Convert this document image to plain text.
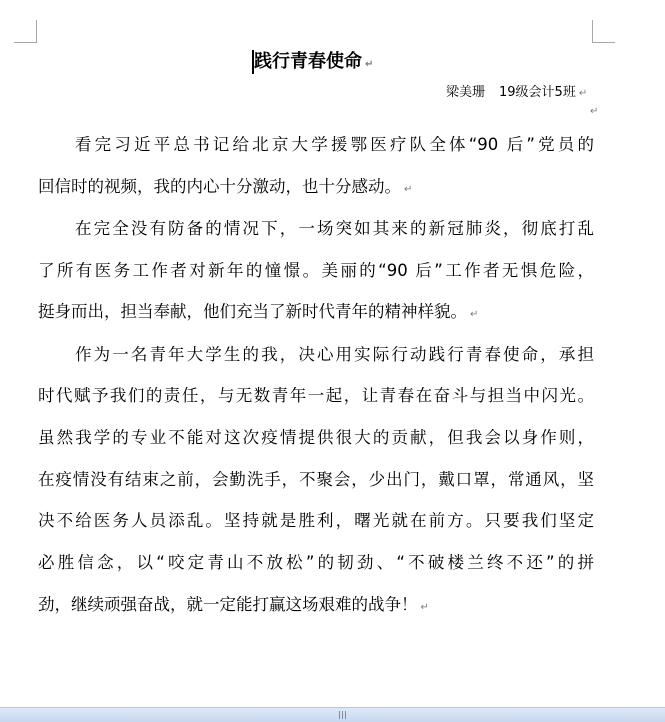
践行青春使命 ↵
梁美珊 19级会计5班 ↵
↵
看完习近平总书记给北京大学援鄂医疗队全体“90 后”党员的
回信时的视频，我的内心十分激动，也十分感动。 ↵
在完全没有防备的情况下，一场突如其来的新冠肺炎，彻底打乱
了所有医务工作者对新年的憧憬。美丽的“90 后”工作者无惧危险，
挺身而出，担当奉献，他们充当了新时代青年的精神样貌。 ↵
作为一名青年大学生的我，决心用实际行动践行青春使命，承担
时代赋予我们的责任，与无数青年一起，让青春在奋斗与担当中闪光。
虽然我学的专业不能对这次疫情提供很大的贡献，但我会以身作则，
在疫情没有结束之前，会勤洗手，不聚会，少出门，戴口罩，常通风，坚
决不给医务人员添乱。坚持就是胜利，曙光就在前方。只要我们坚定
必胜信念，以“咬定青山不放松”的韧劲、“不破楼兰终不还”的拼
劲，继续顽强奋战，就一定能打赢这场艰难的战争！ ↵
